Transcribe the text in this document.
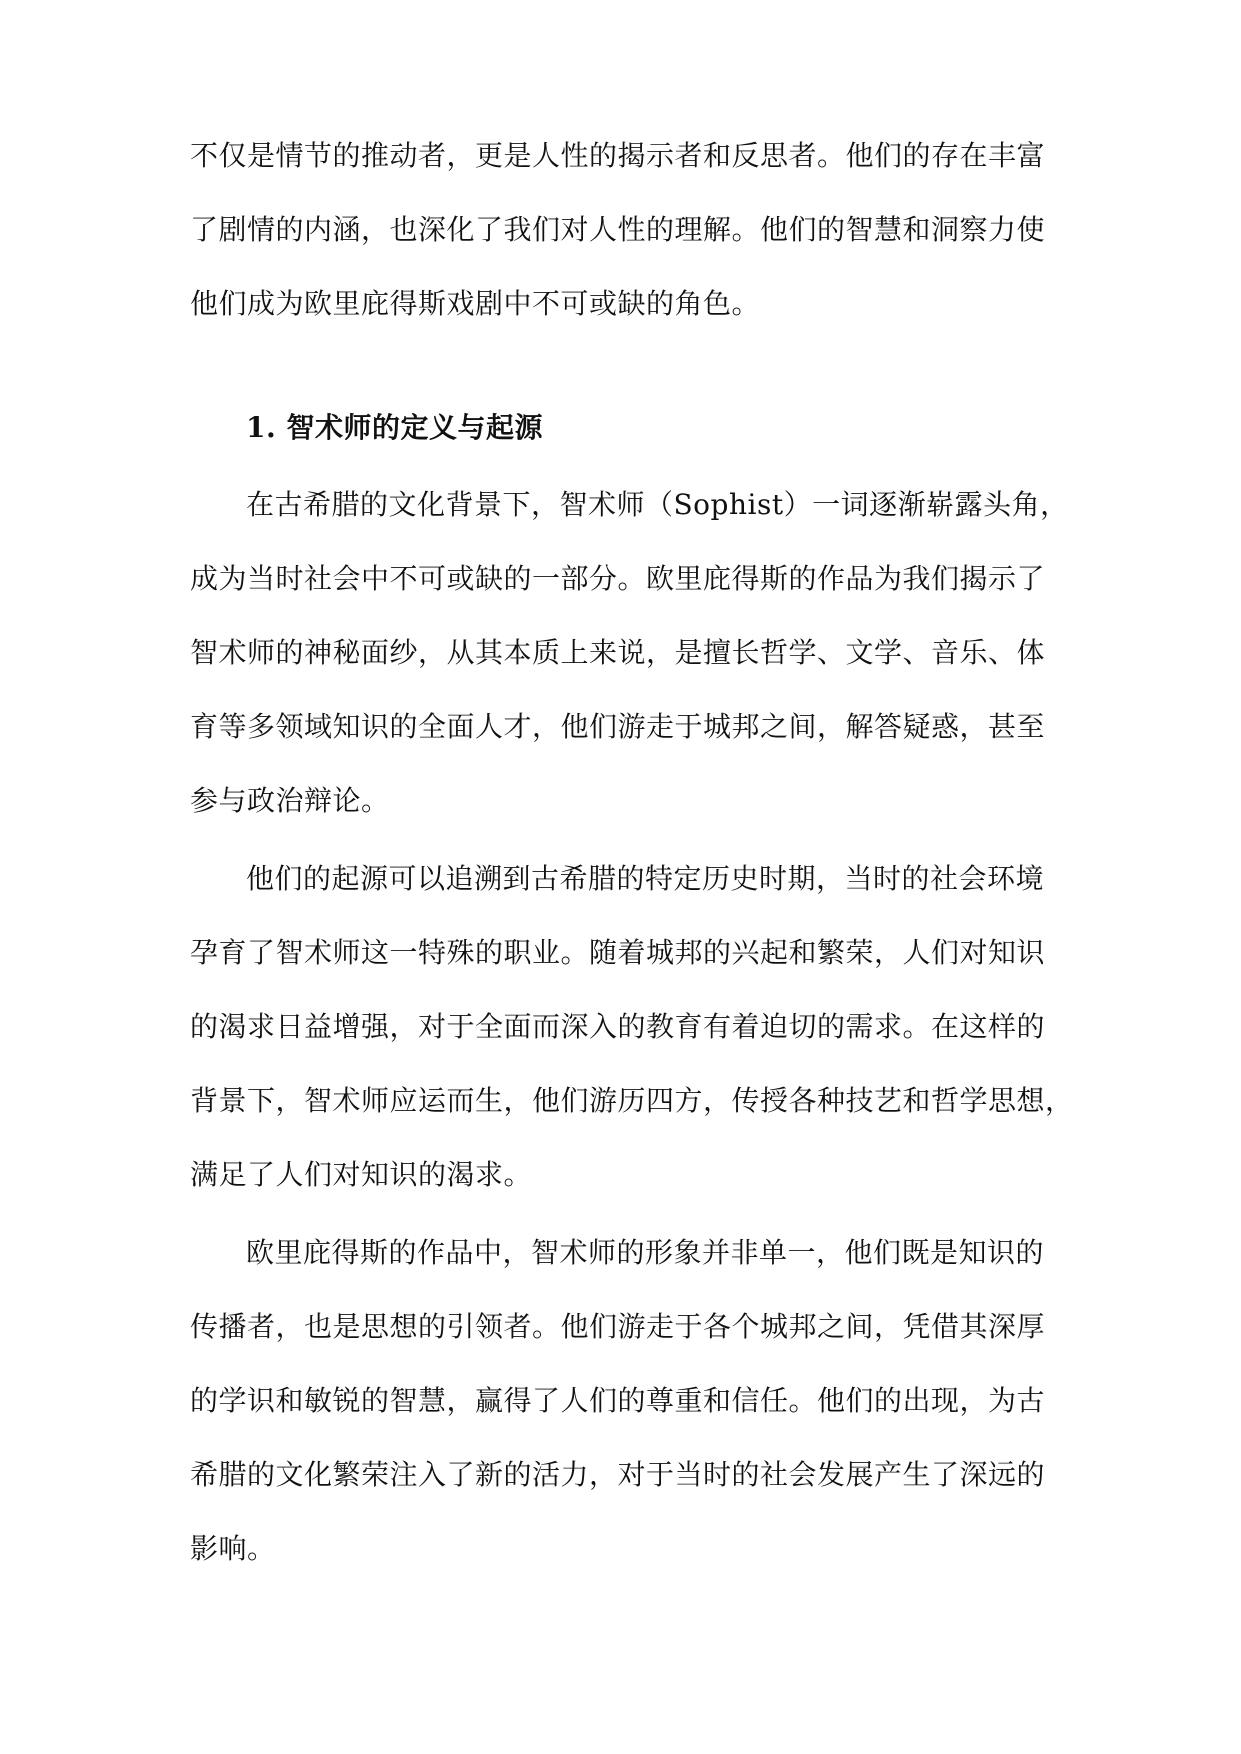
不仅是情节的推动者，更是人性的揭示者和反思者。他们的存在丰富
了剧情的内涵，也深化了我们对人性的理解。他们的智慧和洞察力使
他们成为欧里庇得斯戏剧中不可或缺的角色。
1. 智术师的定义与起源
在古希腊的文化背景下，智术师（Sophist）一词逐渐崭露头角，
成为当时社会中不可或缺的一部分。欧里庇得斯的作品为我们揭示了
智术师的神秘面纱，从其本质上来说，是擅长哲学、文学、音乐、体
育等多领域知识的全面人才，他们游走于城邦之间，解答疑惑，甚至
参与政治辩论。
他们的起源可以追溯到古希腊的特定历史时期，当时的社会环境
孕育了智术师这一特殊的职业。随着城邦的兴起和繁荣，人们对知识
的渴求日益增强，对于全面而深入的教育有着迫切的需求。在这样的
背景下，智术师应运而生，他们游历四方，传授各种技艺和哲学思想，
满足了人们对知识的渴求。
欧里庇得斯的作品中，智术师的形象并非单一，他们既是知识的
传播者，也是思想的引领者。他们游走于各个城邦之间，凭借其深厚
的学识和敏锐的智慧，赢得了人们的尊重和信任。他们的出现，为古
希腊的文化繁荣注入了新的活力，对于当时的社会发展产生了深远的
影响。
